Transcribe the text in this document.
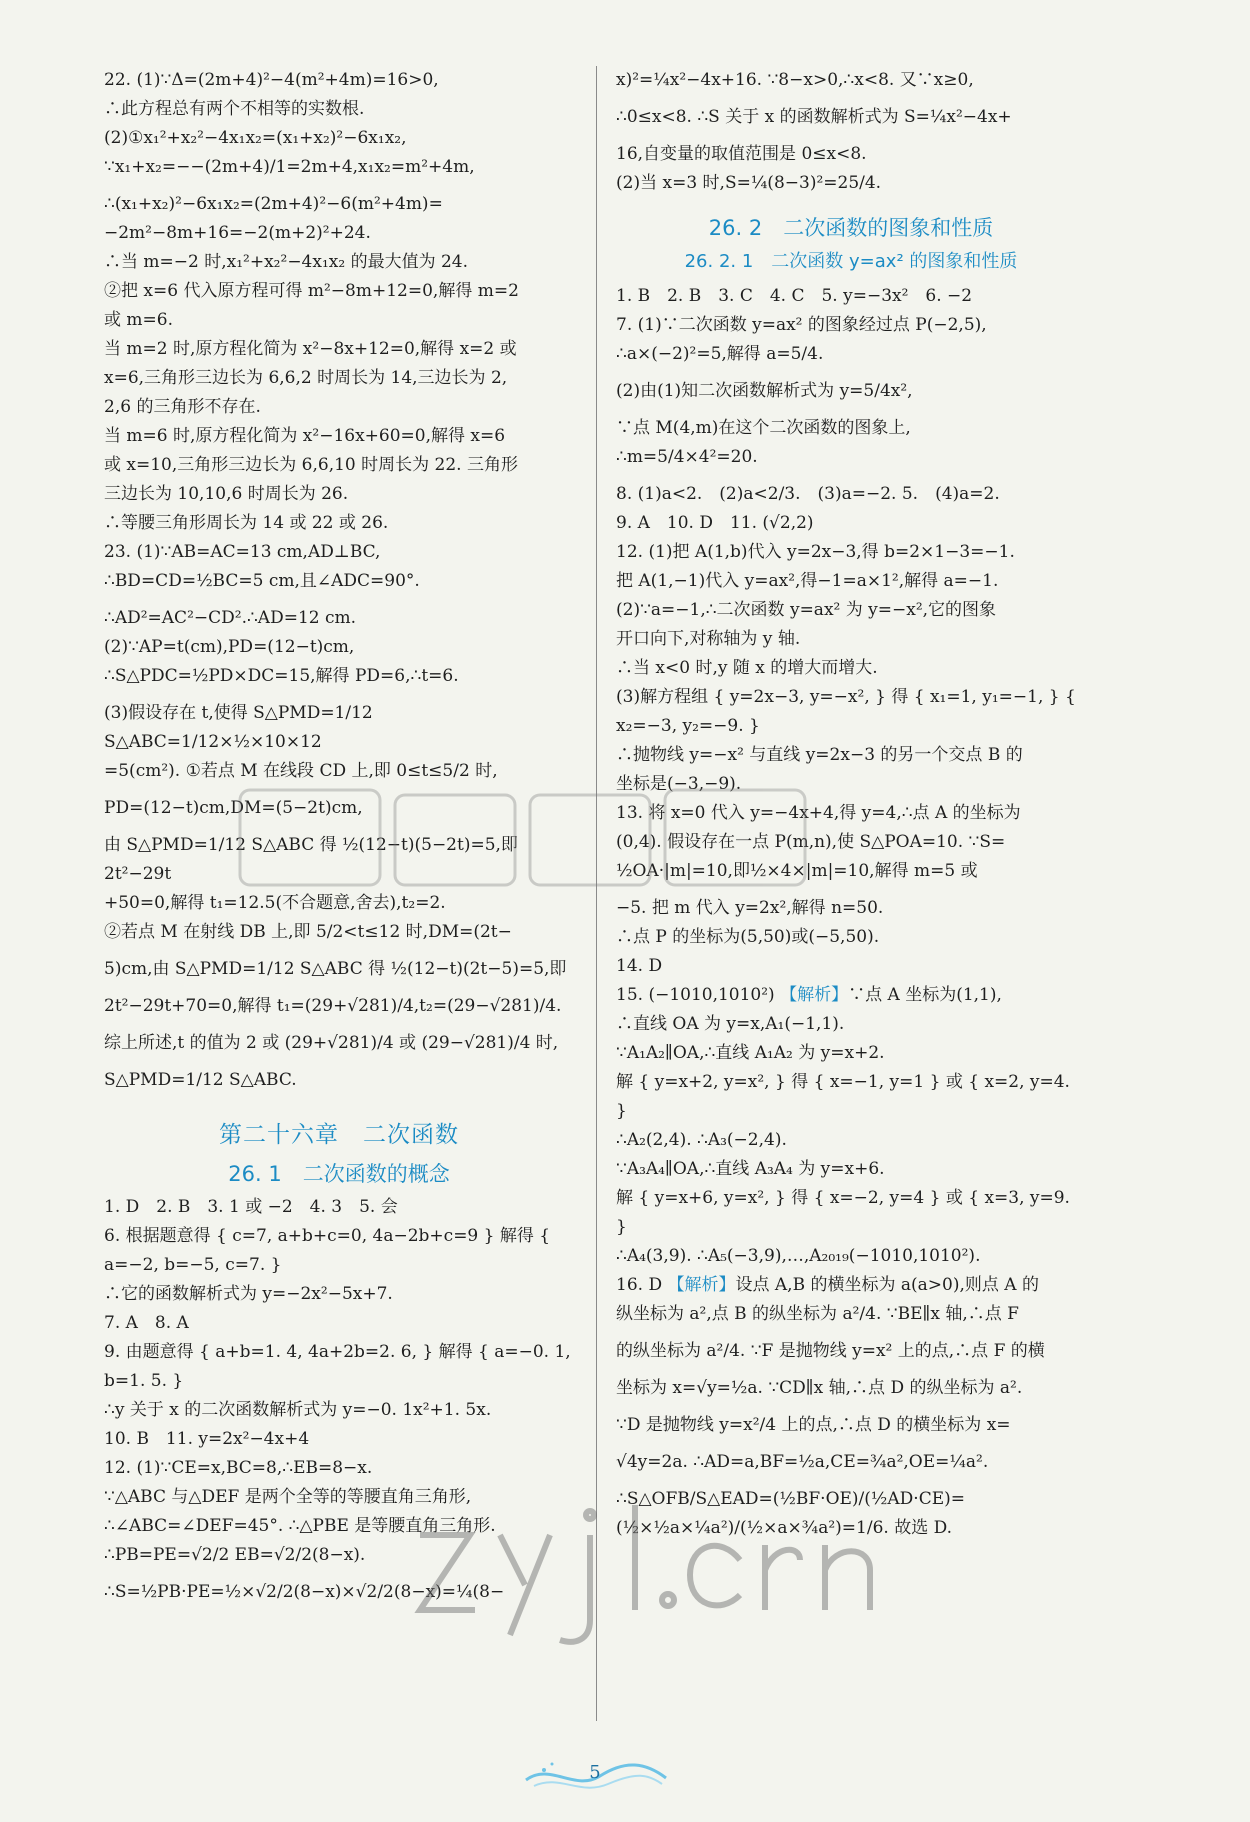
22. (1)∵Δ=(2m+4)²−4(m²+4m)=16>0,
∴此方程总有两个不相等的实数根.
(2)①x₁²+x₂²−4x₁x₂=(x₁+x₂)²−6x₁x₂,
∵x₁+x₂=−−(2m+4)/1=2m+4,x₁x₂=m²+4m,
∴(x₁+x₂)²−6x₁x₂=(2m+4)²−6(m²+4m)=
−2m²−8m+16=−2(m+2)²+24.
∴当 m=−2 时,x₁²+x₂²−4x₁x₂ 的最大值为 24.
②把 x=6 代入原方程可得 m²−8m+12=0,解得 m=2
或 m=6.
当 m=2 时,原方程化简为 x²−8x+12=0,解得 x=2 或
x=6,三角形三边长为 6,6,2 时周长为 14,三边长为 2,
2,6 的三角形不存在.
当 m=6 时,原方程化简为 x²−16x+60=0,解得 x=6
或 x=10,三角形三边长为 6,6,10 时周长为 22. 三角形
三边长为 10,10,6 时周长为 26.
∴等腰三角形周长为 14 或 22 或 26.
23. (1)∵AB=AC=13 cm,AD⊥BC,
∴BD=CD=½BC=5 cm,且∠ADC=90°.
∴AD²=AC²−CD².∴AD=12 cm.
(2)∵AP=t(cm),PD=(12−t)cm,
∴S△PDC=½PD×DC=15,解得 PD=6,∴t=6.
(3)假设存在 t,使得 S△PMD=1/12 S△ABC=1/12×½×10×12
=5(cm²). ①若点 M 在线段 CD 上,即 0≤t≤5/2 时,
PD=(12−t)cm,DM=(5−2t)cm,
由 S△PMD=1/12 S△ABC 得 ½(12−t)(5−2t)=5,即 2t²−29t
+50=0,解得 t₁=12.5(不合题意,舍去),t₂=2.
②若点 M 在射线 DB 上,即 5/2<t≤12 时,DM=(2t−
5)cm,由 S△PMD=1/12 S△ABC 得 ½(12−t)(2t−5)=5,即
2t²−29t+70=0,解得 t₁=(29+√281)/4,t₂=(29−√281)/4.
综上所述,t 的值为 2 或 (29+√281)/4 或 (29−√281)/4 时,
S△PMD=1/12 S△ABC.
第二十六章　二次函数
26. 1　二次函数的概念
1. D　2. B　3. 1 或 −2　4. 3　5. 会
6. 根据题意得 { c=7, a+b+c=0, 4a−2b+c=9 } 解得 { a=−2, b=−5, c=7. }
∴它的函数解析式为 y=−2x²−5x+7.
7. A　8. A
9. 由题意得 { a+b=1. 4, 4a+2b=2. 6, } 解得 { a=−0. 1, b=1. 5. }
∴y 关于 x 的二次函数解析式为 y=−0. 1x²+1. 5x.
10. B　11. y=2x²−4x+4
12. (1)∵CE=x,BC=8,∴EB=8−x.
∵△ABC 与△DEF 是两个全等的等腰直角三角形,
∴∠ABC=∠DEF=45°. ∴△PBE 是等腰直角三角形.
∴PB=PE=√2/2 EB=√2/2(8−x).
∴S=½PB·PE=½×√2/2(8−x)×√2/2(8−x)=¼(8−
x)²=¼x²−4x+16. ∵8−x>0,∴x<8. 又∵x≥0,
∴0≤x<8. ∴S 关于 x 的函数解析式为 S=¼x²−4x+
16,自变量的取值范围是 0≤x<8.
(2)当 x=3 时,S=¼(8−3)²=25/4.
26. 2　二次函数的图象和性质
26. 2. 1　二次函数 y=ax² 的图象和性质
1. B　2. B　3. C　4. C　5. y=−3x²　6. −2
7. (1)∵二次函数 y=ax² 的图象经过点 P(−2,5),
∴a×(−2)²=5,解得 a=5/4.
(2)由(1)知二次函数解析式为 y=5/4x²,
∵点 M(4,m)在这个二次函数的图象上,
∴m=5/4×4²=20.
8. (1)a<2.　(2)a<2/3.　(3)a=−2. 5.　(4)a=2.
9. A　10. D　11. (√2,2)
12. (1)把 A(1,b)代入 y=2x−3,得 b=2×1−3=−1.
把 A(1,−1)代入 y=ax²,得−1=a×1²,解得 a=−1.
(2)∵a=−1,∴二次函数 y=ax² 为 y=−x²,它的图象
开口向下,对称轴为 y 轴.
∴当 x<0 时,y 随 x 的增大而增大.
(3)解方程组 { y=2x−3, y=−x², } 得 { x₁=1, y₁=−1, } { x₂=−3, y₂=−9. }
∴抛物线 y=−x² 与直线 y=2x−3 的另一个交点 B 的
坐标是(−3,−9).
13. 将 x=0 代入 y=−4x+4,得 y=4,∴点 A 的坐标为
(0,4). 假设存在一点 P(m,n),使 S△POA=10. ∵S=
½OA·|m|=10,即½×4×|m|=10,解得 m=5 或
−5. 把 m 代入 y=2x²,解得 n=50.
∴点 P 的坐标为(5,50)或(−5,50).
14. D
15. (−1010,1010²) 【解析】∵点 A 坐标为(1,1),
∴直线 OA 为 y=x,A₁(−1,1).
∵A₁A₂∥OA,∴直线 A₁A₂ 为 y=x+2.
解 { y=x+2, y=x², } 得 { x=−1, y=1 } 或 { x=2, y=4. }
∴A₂(2,4). ∴A₃(−2,4).
∵A₃A₄∥OA,∴直线 A₃A₄ 为 y=x+6.
解 { y=x+6, y=x², } 得 { x=−2, y=4 } 或 { x=3, y=9. }
∴A₄(3,9). ∴A₅(−3,9),…,A₂₀₁₉(−1010,1010²).
16. D 【解析】设点 A,B 的横坐标为 a(a>0),则点 A 的
纵坐标为 a²,点 B 的纵坐标为 a²/4. ∵BE∥x 轴,∴点 F
的纵坐标为 a²/4. ∵F 是抛物线 y=x² 上的点,∴点 F 的横
坐标为 x=√y=½a. ∵CD∥x 轴,∴点 D 的纵坐标为 a².
∵D 是抛物线 y=x²/4 上的点,∴点 D 的横坐标为 x=
√4y=2a. ∴AD=a,BF=½a,CE=¾a²,OE=¼a².
∴S△OFB/S△EAD=(½BF·OE)/(½AD·CE)=(½×½a×¼a²)/(½×a×¾a²)=1/6. 故选 D.
5
